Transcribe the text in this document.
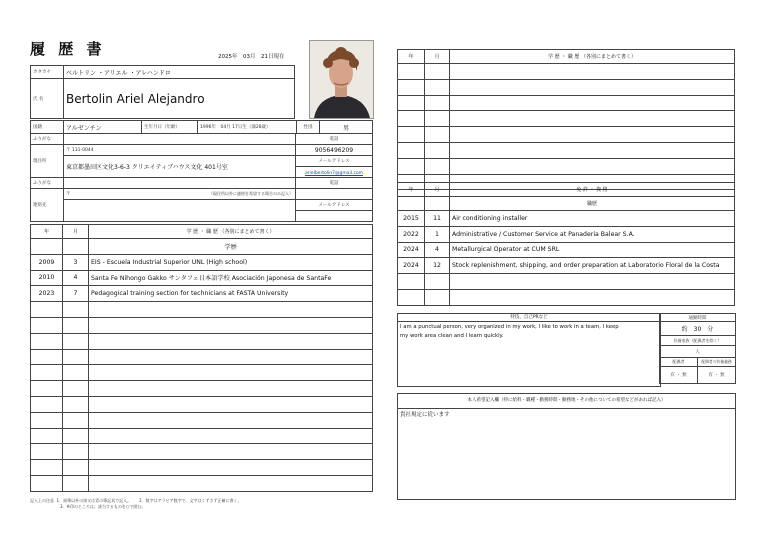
履 歴 書	2025年　03月　21日現在
カタカナ	ベルトリン ・アリエル ・アレハンドロ
氏 名	Bertolin Ariel Alejandro
国籍	アルゼンチン	生年月日（年齢）	1996年　04月 17日生（満28歳）	性別	男
ふりがな		電話
現住所	〒 131-0044	9056496209
	東京都墨田区文化3-6-3 クリエイティブハウス文化 401号室	メールアドレス
		arielbertolin7@gmail.com
ふりがな		電話
連絡先	〒 （現住所以外に連絡を希望する場合のみ記入）	

		メールアドレス

年	月	学 歴 ・ 職 歴 （各別にまとめて書く）
		学歴
2009	3	EIS - Escuela Industrial Superior UNL (High school)
2010	4	Santa Fe Nihongo Gakko サンタフェ日本語学校 Asociación Japonesa de SantaFe
2023	7	Pedagogical training section for technicians at FASTA University

記入上の注意 1．鉛筆以外の黒又は青の筆記具で記入。　　2．数字はアラビア数字で、文字はくずさず正確に書く。
3．※印のところは、該当するものを○で囲む。
年	月	学 歴 ・ 職 歴 （各別にまとめて書く）

年	月	免 許 ・ 資 格
		職歴
2015	11	Air conditioning installer
2022	1	Administrative / Customer Service at Panaderia Balear S.A.
2024	4	Metallurgical Operator at CUM SRL
2024	12	Stock replenishment, shipping, and order preparation at Laboratorio Floral de la Costa

特技、自己PRなど
I am a punctual person, very organized in my work, I like to work in a team, I keep
my work area clean and I learn quickly.
通勤時間	
約　30　分	
扶養家族（配偶者を除く）	
人	
配偶者	配偶者の扶養義務
有 ・ 無	有 ・ 無
本人希望記入欄（特に給料・職種・勤務時間・勤務地・その他についての希望などがあれば記入）
貴社規定に従います
